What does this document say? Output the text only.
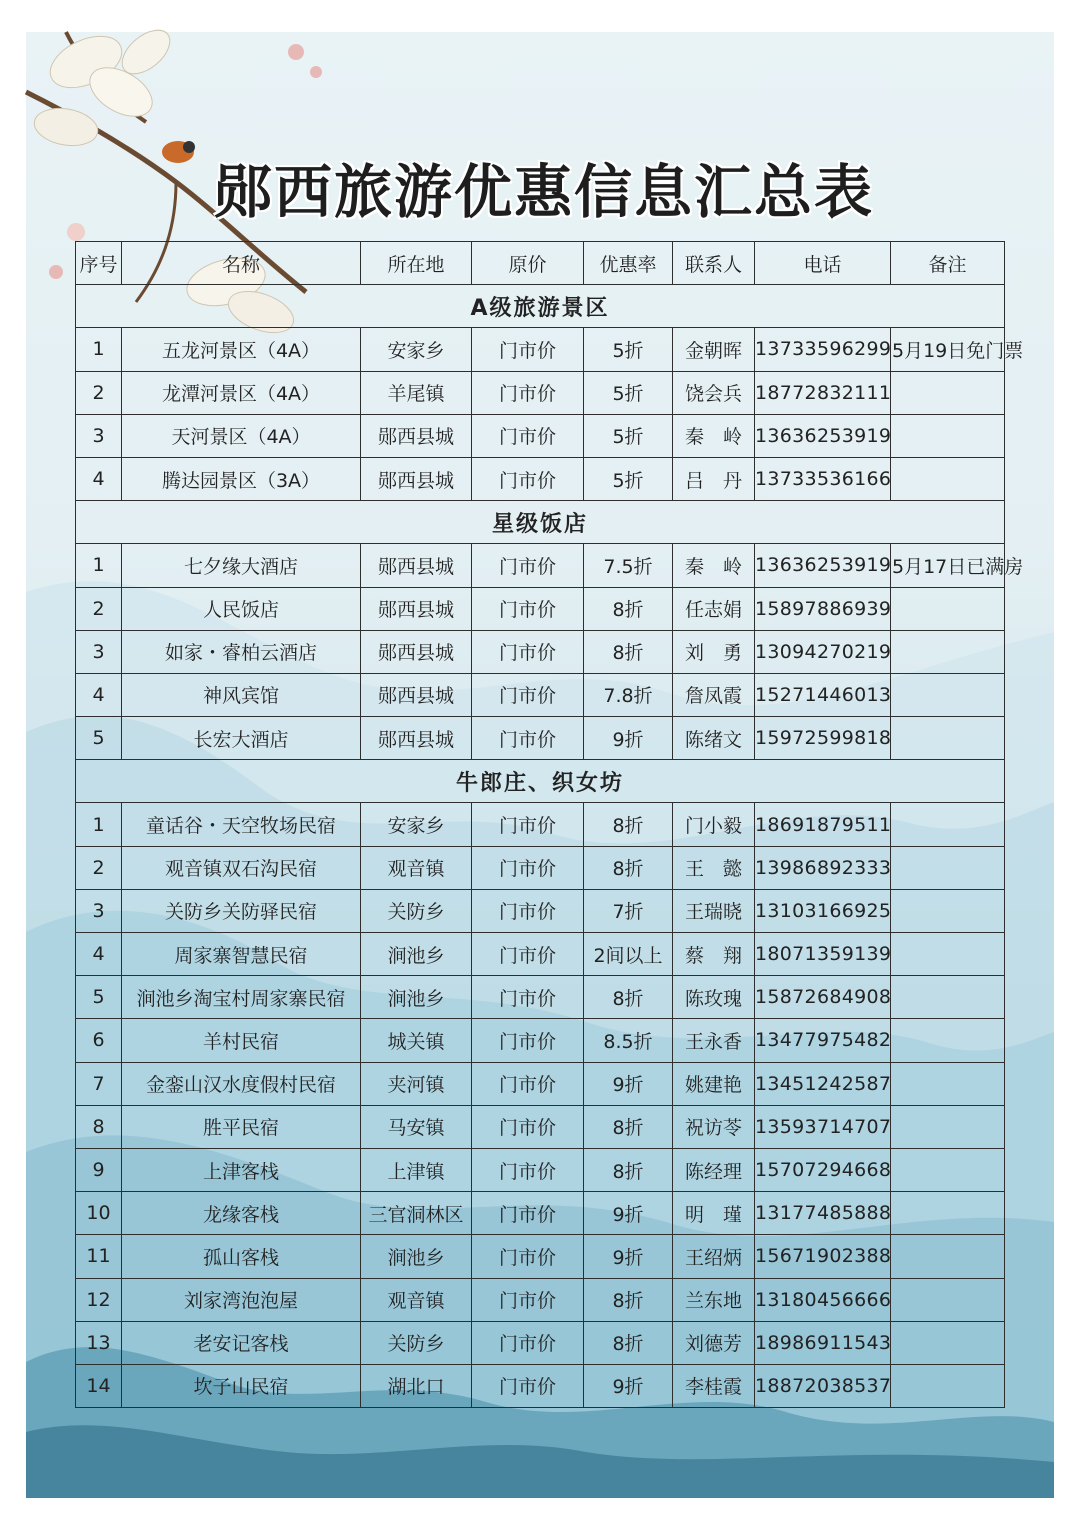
郧西旅游优惠信息汇总表
序号	名称	所在地	原价	优惠率	联系人	电话	备注
A级旅游景区							
1	五龙河景区（4A）	安家乡	门市价	5折	金朝晖	13733596299	5月19日免门票
2	龙潭河景区（4A）	羊尾镇	门市价	5折	饶会兵	18772832111	
3	天河景区（4A）	郧西县城	门市价	5折	秦　岭	13636253919	
4	腾达园景区（3A）	郧西县城	门市价	5折	吕　丹	13733536166	
星级饭店							
1	七夕缘大酒店	郧西县城	门市价	7.5折	秦　岭	13636253919	5月17日已满房
2	人民饭店	郧西县城	门市价	8折	任志娟	15897886939	
3	如家・睿柏云酒店	郧西县城	门市价	8折	刘　勇	13094270219	
4	神风宾馆	郧西县城	门市价	7.8折	詹凤霞	15271446013	
5	长宏大酒店	郧西县城	门市价	9折	陈绪文	15972599818	
牛郎庄、织女坊							
1	童话谷・天空牧场民宿	安家乡	门市价	8折	门小毅	18691879511	
2	观音镇双石沟民宿	观音镇	门市价	8折	王　懿	13986892333	
3	关防乡关防驿民宿	关防乡	门市价	7折	王瑞晓	13103166925	
4	周家寨智慧民宿	涧池乡	门市价	2间以上	蔡　翔	18071359139	
5	涧池乡淘宝村周家寨民宿	涧池乡	门市价	8折	陈玫瑰	15872684908	
6	羊村民宿	城关镇	门市价	8.5折	王永香	13477975482	
7	金銮山汉水度假村民宿	夹河镇	门市价	9折	姚建艳	13451242587	
8	胜平民宿	马安镇	门市价	8折	祝访苓	13593714707	
9	上津客栈	上津镇	门市价	8折	陈经理	15707294668	
10	龙缘客栈	三官洞林区	门市价	9折	明　瑾	13177485888	
11	孤山客栈	涧池乡	门市价	9折	王绍炳	15671902388	
12	刘家湾泡泡屋	观音镇	门市价	8折	兰东地	13180456666	
13	老安记客栈	关防乡	门市价	8折	刘德芳	18986911543	
14	坎子山民宿	湖北口	门市价	9折	李桂霞	18872038537	
